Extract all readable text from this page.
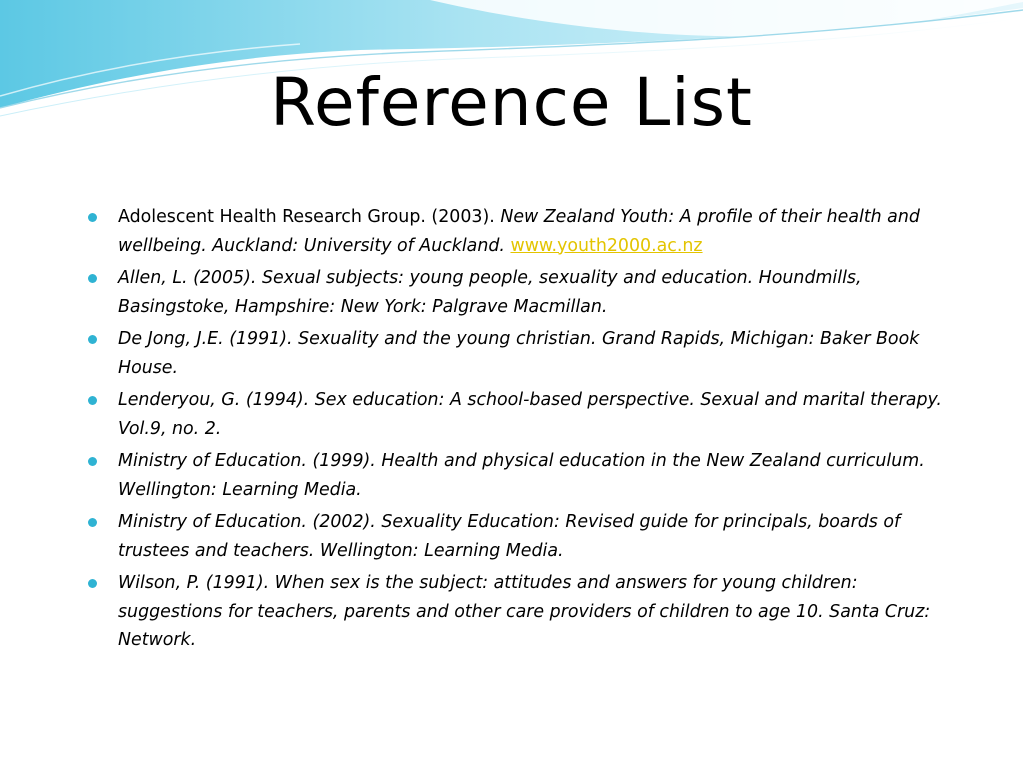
Reference List
Adolescent Health Research Group. (2003). New Zealand Youth: A profile of their health and wellbeing. Auckland: University of Auckland. www.youth2000.ac.nz
Allen, L. (2005). Sexual subjects: young people, sexuality and education. Houndmills, Basingstoke, Hampshire: New York: Palgrave Macmillan.
De Jong, J.E. (1991). Sexuality and the young christian. Grand Rapids, Michigan: Baker Book House.
Lenderyou, G. (1994). Sex education: A school-based perspective. Sexual and marital therapy. Vol.9, no. 2.
Ministry of Education. (1999). Health and physical education in the New Zealand curriculum. Wellington: Learning Media.
Ministry of Education. (2002). Sexuality Education: Revised guide for principals, boards of trustees and teachers. Wellington: Learning Media.
Wilson, P. (1991). When sex is the subject: attitudes and answers for young children: suggestions for teachers, parents and other care providers of children to age 10. Santa Cruz: Network.
